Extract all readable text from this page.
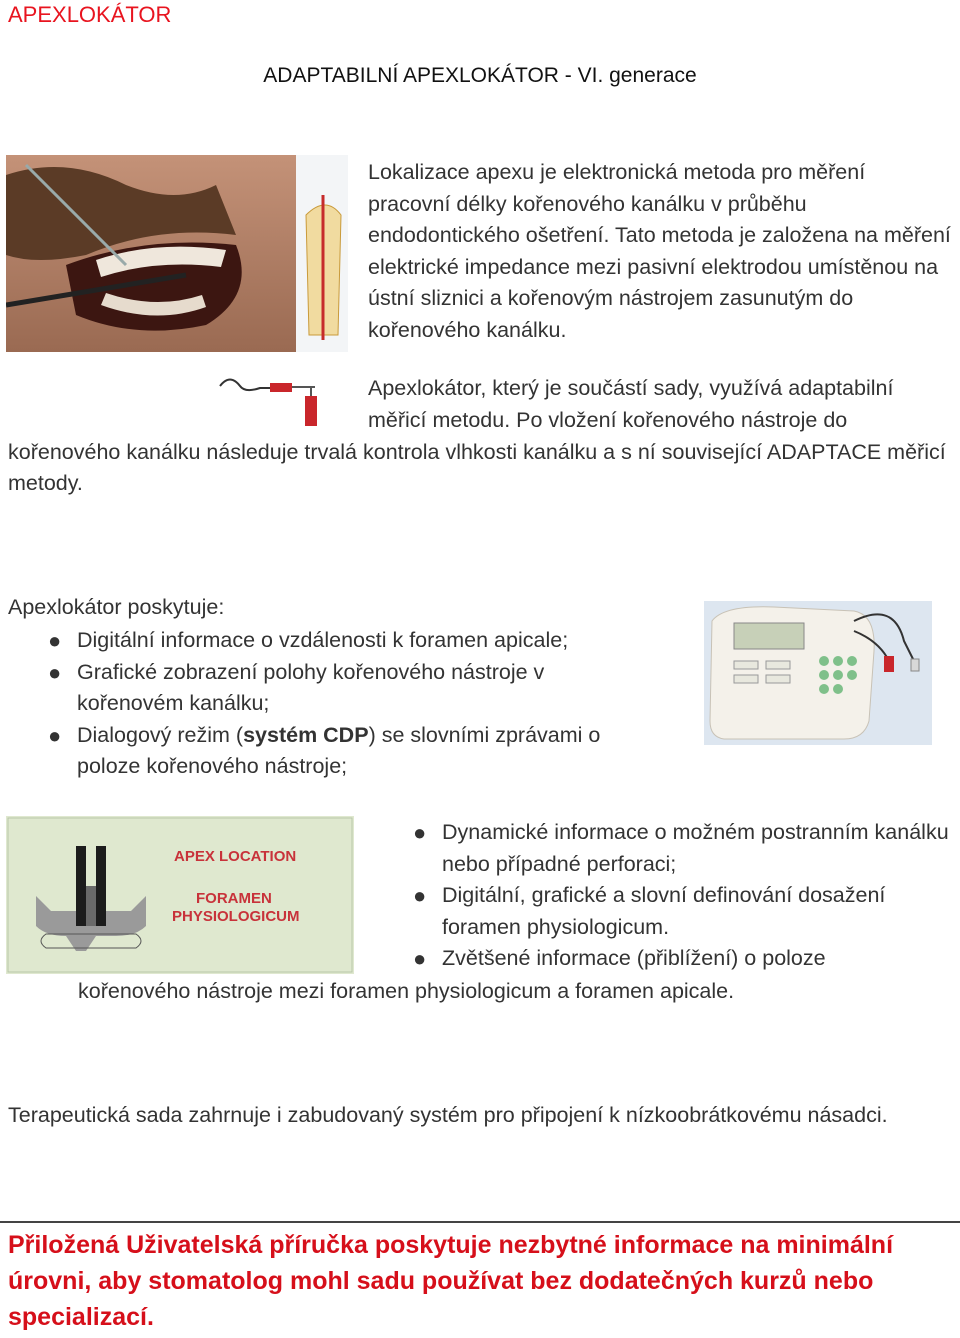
APEXLOKÁTOR
ADAPTABILNÍ APEXLOKÁTOR - VI. generace
Lokalizace apexu je elektronická metoda pro měření pracovní délky kořenového kanálku v průběhu endodontického ošetření. Tato metoda je založena na měření elektrické impedance mezi pasivní elektrodou umístěnou na ústní sliznici a kořenovým nástrojem zasunutým do kořenového kanálku.
Apexlokátor, který je součástí sady, využívá adaptabilní
měřicí metodu. Po vložení kořenového nástroje do kořenového kanálku následuje trvalá kontrola vlhkosti kanálku a s ní související ADAPTACE měřicí metody.
Apexlokátor poskytuje:
● Digitální informace o vzdálenosti k foramen apicale;
● Grafické zobrazení polohy kořenového nástroje v kořenovém kanálku;
● Dialogový režim (systém CDP) se slovními zprávami o poloze kořenového nástroje;
APEX LOCATION
FORAMEN
PHYSIOLOGICUM
● Dynamické informace o možném postranním kanálku nebo případné perforaci;
● Digitální, grafické a slovní definování dosažení foramen physiologicum.
● Zvětšené informace (přiblížení) o poloze
kořenového nástroje mezi foramen physiologicum a foramen apicale.
Terapeutická sada zahrnuje i zabudovaný systém pro připojení k nízkoobrátkovému násadci.
Přiložená Uživatelská příručka poskytuje nezbytné informace na minimální úrovni, aby stomatolog mohl sadu používat bez dodatečných kurzů nebo specializací.
